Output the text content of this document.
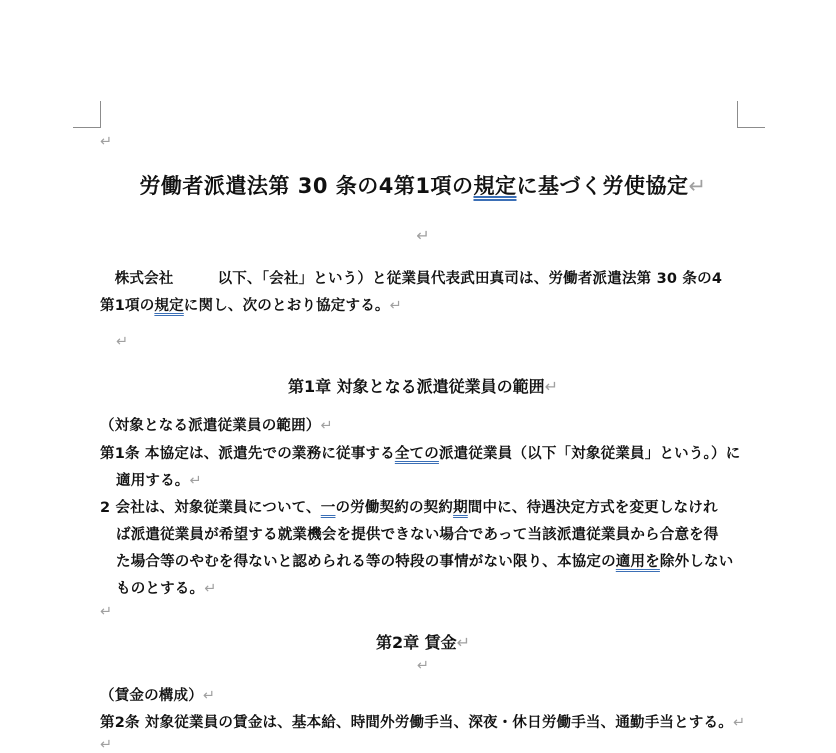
↵
労働者派遣法第 30 条の4第1項の規定に基づく労使協定↵
↵
　株式会社　　　以下、「会社」という）と従業員代表武田真司は、労働者派遣法第 30 条の4
第1項の規定に関し、次のとおり協定する。↵
↵
第1章 対象となる派遣従業員の範囲↵
（対象となる派遣従業員の範囲）↵
第1条 本協定は、派遣先での業務に従事する全ての派遣従業員（以下「対象従業員」という。）に
適用する。↵
2 会社は、対象従業員について、一の労働契約の契約期間中に、待遇決定方式を変更しなけれ
ば派遣従業員が希望する就業機会を提供できない場合であって当該派遣従業員から合意を得
た場合等のやむを得ないと認められる等の特段の事情がない限り、本協定の適用を除外しない
ものとする。↵
↵
第2章 賃金↵
↵
（賃金の構成）↵
第2条 対象従業員の賃金は、基本給、時間外労働手当、深夜・休日労働手当、通勤手当とする。↵
↵
